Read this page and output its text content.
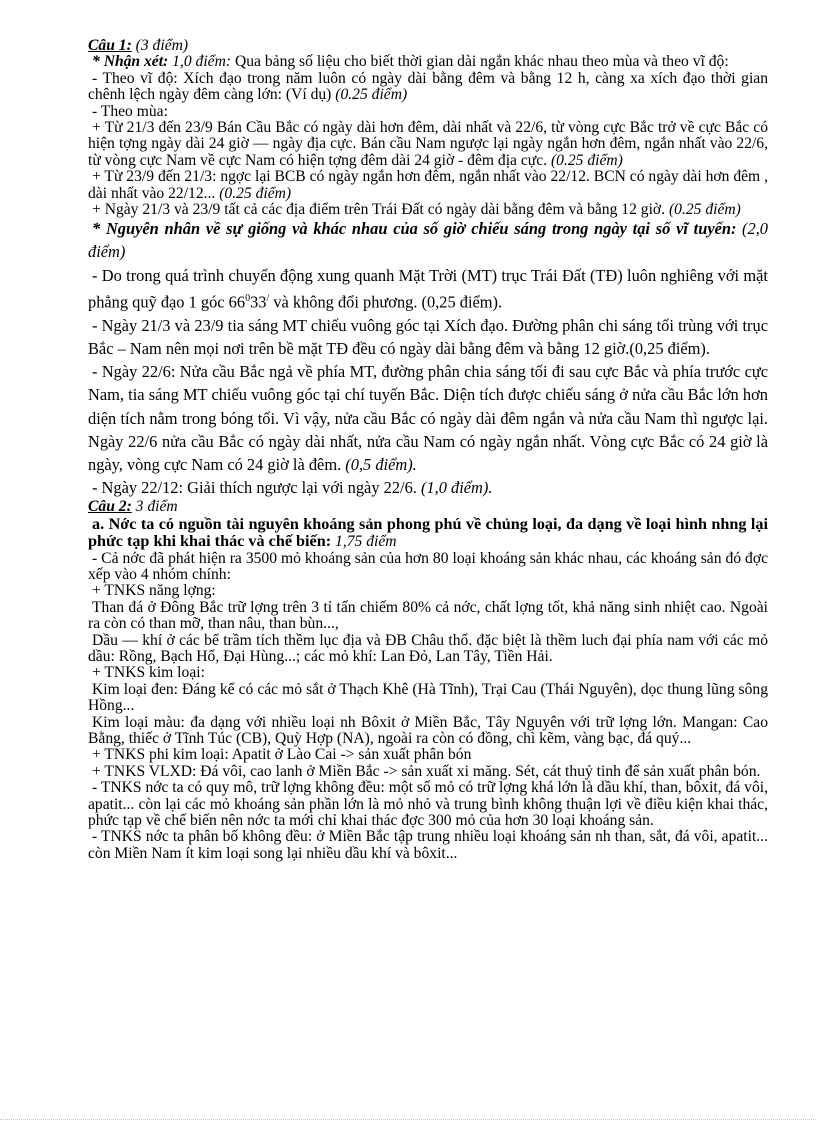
Câu 1: (3 điểm)

* Nhận xét: 1,0 điểm: Qua bảng số liệu cho biết thời gian dài ngắn khác nhau theo mùa và theo vĩ độ:

- Theo vĩ độ: Xích đạo trong năm luôn có ngày dài bằng đêm và bằng 12 h, càng xa xích đạo thời gian chênh lệch ngày đêm càng lớn: (Ví dụ) (0.25 điểm)

- Theo mùa:

+ Từ 21/3 đến 23/9 Bán Cầu Bắc có ngày dài hơn đêm, dài nhất và 22/6, từ vòng cực Bắc trở về cực Bắc có hiện tợng ngày dài 24 giờ — ngày địa cực. Bán cầu Nam ngược lại ngày ngắn hơn đêm, ngắn nhất vào 22/6, từ vòng cực Nam về cực Nam có hiện tợng đêm dài 24 giờ - đêm địa cực. (0.25 điểm)

+ Từ 23/9 đến 21/3: ngợc lại BCB có ngày ngắn hơn đêm, ngắn nhất vào 22/12. BCN có ngày dài hơn đêm , dài nhất vào 22/12... (0.25 điểm)

+ Ngày 21/3 và 23/9 tất cả các địa điểm trên Trái Đất có ngày dài bằng đêm và bằng 12 giờ. (0.25 điểm)

* Nguyên nhân về sự giống và khác nhau của số giờ chiếu sáng trong ngày tại số vĩ tuyến: (2,0 điểm)

- Do trong quá trình chuyển động xung quanh Mặt Trời (MT) trục Trái Đất (TĐ) luôn nghiêng với mặt phẳng quỹ đạo 1 góc $66^033^/$ và không đổi phương. (0,25 điểm).

- Ngày 21/3 và 23/9 tia sáng MT chiếu vuông góc tại Xích đạo. Đường phân chi sáng tối trùng với trục Bắc – Nam nên mọi nơi trên bề mặt TĐ đều có ngày dài bằng đêm và bằng 12 giờ.(0,25 điểm).

- Ngày 22/6: Nửa cầu Bắc ngả về phía MT, đường phân chia sáng tối đi sau cực Bắc và phía trước cực Nam, tia sáng MT chiếu vuông góc tại chí tuyến Bắc. Diện tích được chiếu sáng ở nửa cầu Bắc lớn hơn diện tích nằm trong bóng tối. Vì vậy, nửa cầu Bắc có ngày dài đêm ngắn và nửa cầu Nam thì ngược lại. Ngày 22/6 nửa cầu Bắc có ngày dài nhất, nửa cầu Nam có ngày ngắn nhất. Vòng cực Bắc có 24 giờ là ngày, vòng cực Nam có 24 giờ là đêm. (0,5 điểm).

- Ngày 22/12: Giải thích ngược lại với ngày 22/6. (1,0 điểm).

Câu 2: 3 điểm

a. Nớc ta có nguồn tài nguyên khoáng sản phong phú về chủng loại, đa dạng về loại hình nhng lại phức tạp khi khai thác và chế biến: 1,75 điểm

- Cả nớc đã phát hiện ra 3500 mỏ khoáng sản của hơn 80 loại khoáng sản khác nhau, các khoáng sản đó đợc xếp vào 4 nhóm chính:

+ TNKS năng lợng:

Than đá ở Đông Bắc trữ lợng trên 3 tỉ tấn chiếm 80% cả nớc, chất lợng tốt, khả năng sinh nhiệt cao. Ngoài ra còn có than mỡ, than nâu, than bùn...,

Dầu — khí ở các bể trầm tích thềm lục địa và ĐB Châu thổ. đặc biệt là thềm luch đại phía nam với các mỏ dầu: Rồng, Bạch Hổ, Đại Hùng...; các mỏ khí: Lan Đỏ, Lan Tây, Tiền Hải.

+ TNKS kim loại:

Kim loại đen: Đáng kể có các mỏ sắt ở Thạch Khê (Hà Tĩnh), Trại Cau (Thái Nguyên), dọc thung lũng sông Hồng...

Kim loại màu: đa dạng với nhiều loại nh Bôxit ở Miền Bắc, Tây Nguyên với trữ lợng lớn. Mangan: Cao Bằng, thiếc ở Tĩnh Túc (CB), Quỳ Hợp (NA), ngoài ra còn có đồng, chì kẽm, vàng bạc, đá quý...

+ TNKS phi kim loại: Apatit ở Lào Cai -> sản xuất phân bón

+ TNKS VLXD: Đá vôi, cao lanh ở Miền Bắc -> sản xuất xi măng. Sét, cát thuỷ tinh để sản xuất phân bón.

- TNKS nớc ta có quy mô, trữ lợng không đều: một số mỏ có trữ lợng khá lớn là dầu khí, than, bôxit, đá vôi, apatit... còn lại các mỏ khoáng sản phần lớn là mỏ nhỏ và trung bình không thuận lợi về điều kiện khai thác, phức tạp về chế biến nên nớc ta mới chỉ khai thác đợc 300 mỏ của hơn 30 loại khoáng sản.

- TNKS nớc ta phân bố không đều: ở Miền Bắc tập trung nhiều loại khoáng sản nh than, sắt, đá vôi, apatit... còn Miền Nam ít kim loại song lại nhiều dầu khí và bôxit...
